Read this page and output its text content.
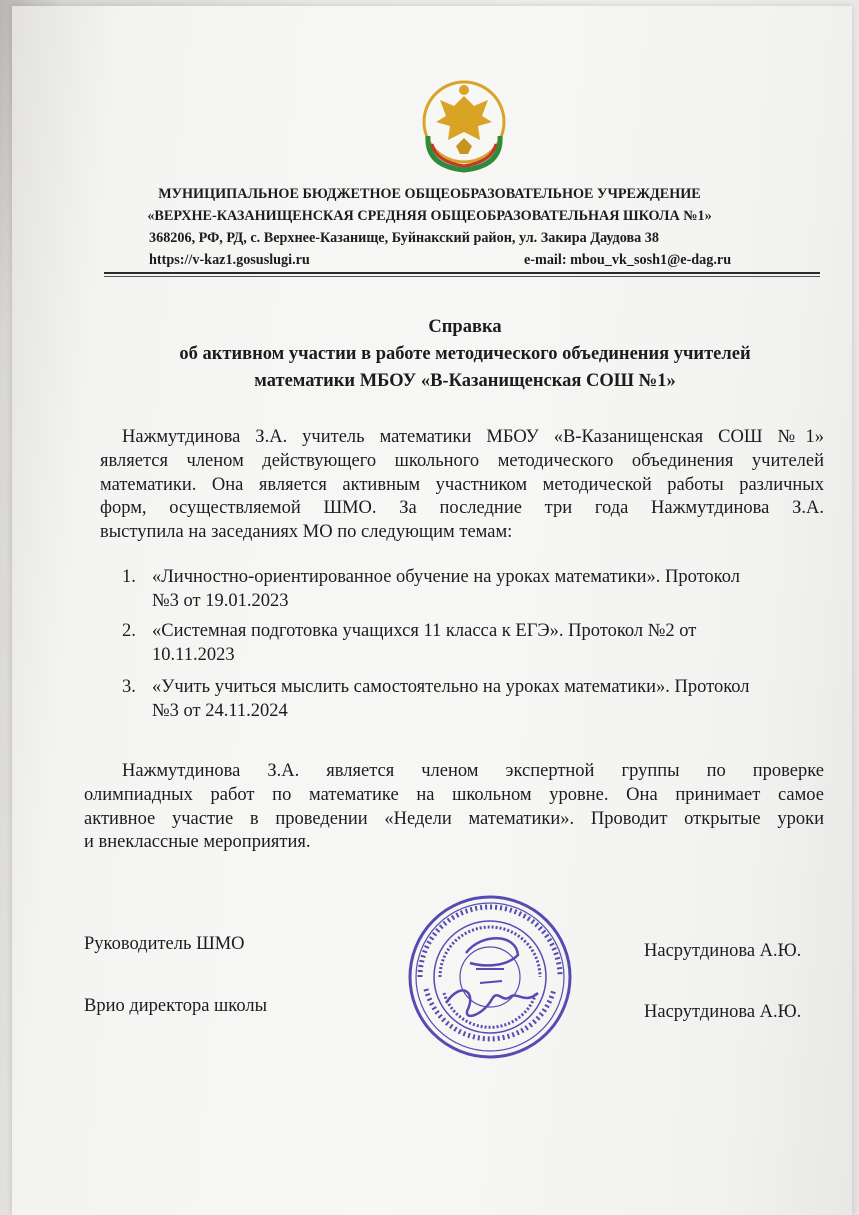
МУНИЦИПАЛЬНОЕ БЮДЖЕТНОЕ ОБЩЕОБРАЗОВАТЕЛЬНОЕ УЧРЕЖДЕНИЕ
«ВЕРХНЕ-КАЗАНИЩЕНСКАЯ СРЕДНЯЯ ОБЩЕОБРАЗОВАТЕЛЬНАЯ ШКОЛА №1»
368206, РФ, РД, с. Верхнее-Казанище, Буйнакский район, ул. Закира Даудова 38
https://v-kaz1.gosuslugi.ru	e-mail: mbou_vk_sosh1@e-dag.ru
Справка
об активном участии в работе методического объединения учителей
математики МБОУ «В-Казанищенская СОШ №1»
Нажмутдинова З.А. учитель математики МБОУ «В-Казанищенская СОШ №1»
является членом действующего школьного методического объединения учителей
математики. Она является активным участником методической работы различных
форм, осуществляемой ШМО. За последние три года Нажмутдинова З.А.
выступила на заседаниях МО по следующим темам:
1. «Личностно-ориентированное обучение на уроках математики». Протокол
№3 от 19.01.2023
2. «Системная подготовка учащихся 11 класса к ЕГЭ». Протокол №2 от
10.11.2023
3. «Учить учиться мыслить самостоятельно на уроках математики». Протокол
№3 от 24.11.2024
Нажмутдинова З.А. является членом экспертной группы по проверке
олимпиадных работ по математике на школьном уровне. Она принимает самое
активное участие в проведении «Недели математики». Проводит открытые уроки
и внеклассные мероприятия.
Руководитель ШМО	Насрутдинова А.Ю.
Врио директора школы	Насрутдинова А.Ю.
